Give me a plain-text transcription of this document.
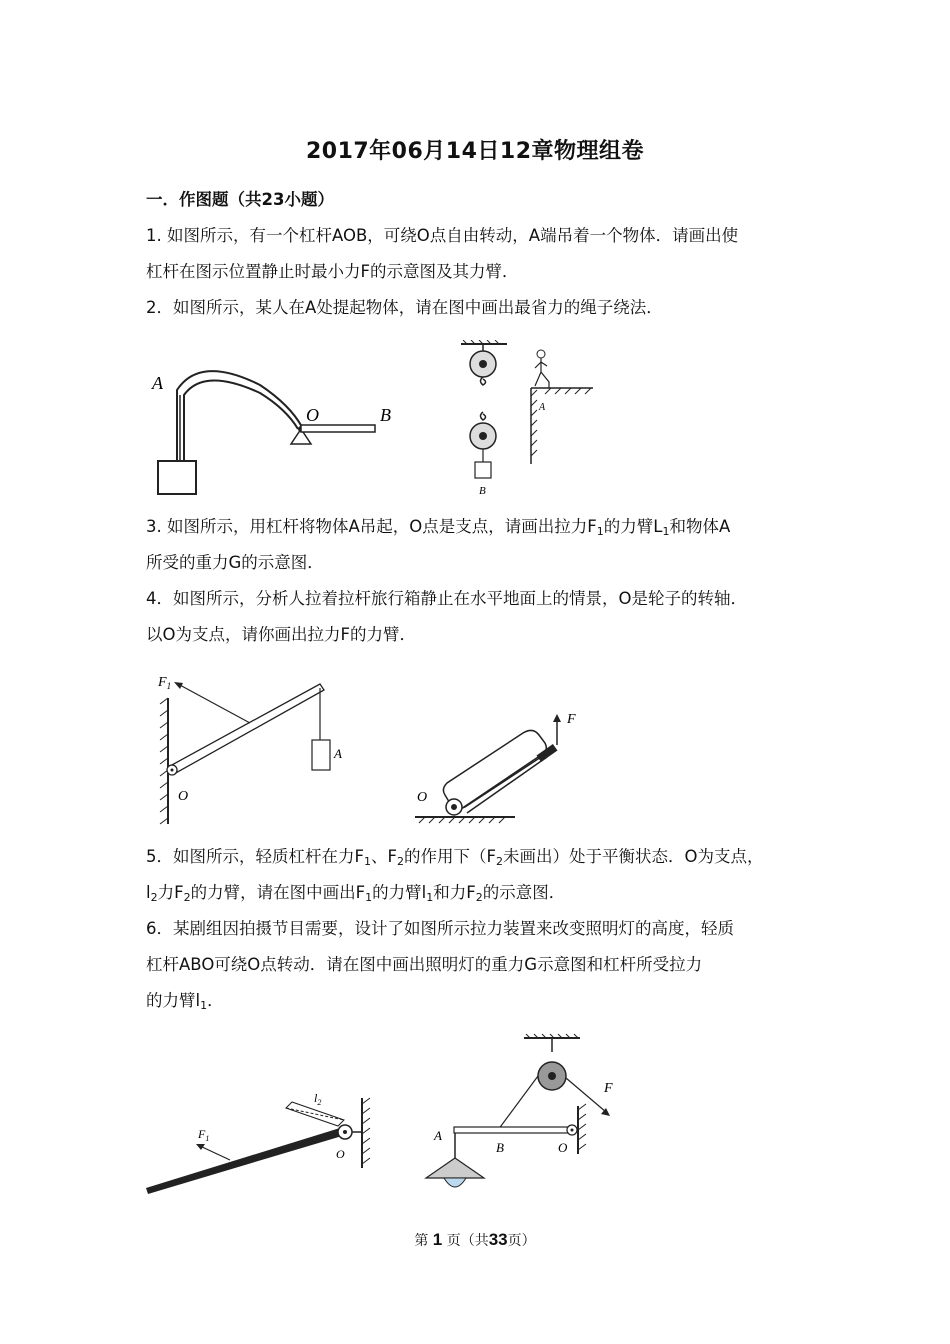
2017年06月14日12章物理组卷
一．作图题（共23小题）
1. 如图所示，有一个杠杆AOB，可绕O点自由转动，A端吊着一个物体．请画出使
杠杆在图示位置静止时最小力F的示意图及其力臂．
2．如图所示，某人在A处提起物体，请在图中画出最省力的绳子绕法．
A
O	B
B
A
3. 如图所示，用杠杆将物体A吊起，O点是支点，请画出拉力$F_1$的力臂$L_1$和物体A
所受的重力G的示意图．
4．如图所示，分析人拉着拉杆旅行箱静止在水平地面上的情景，O是轮子的转轴．
以O为支点，请你画出拉力F的力臂．
$F_1$
A
O
F
O
5．如图所示，轻质杠杆在力$F_1$、$F_2$的作用下（$F_2$未画出）处于平衡状态．O为支点，
$l_2$力$F_2$的力臂，请在图中画出$F_1$的力臂$l_1$和力$F_2$的示意图．
6．某剧组因拍摄节目需要，设计了如图所示拉力装置来改变照明灯的高度，轻质
杠杆ABO可绕O点转动．请在图中画出照明灯的重力G示意图和杠杆所受拉力
的力臂$l_1$．
$F_1$
$l_2$
O
F
A
B	O
第 1 页（共33页）
